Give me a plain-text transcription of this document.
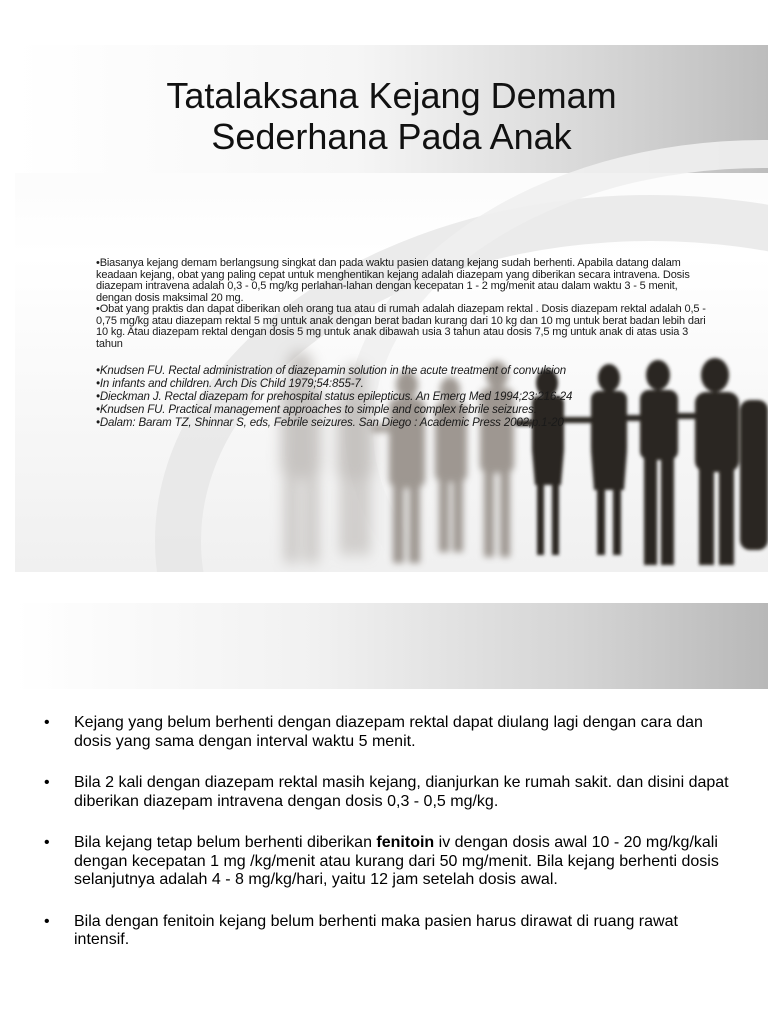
Tatalaksana Kejang Demam
Sederhana Pada Anak

•Biasanya kejang demam berlangsung singkat dan pada waktu pasien datang kejang sudah berhenti. Apabila datang dalam keadaan kejang, obat yang paling cepat untuk menghentikan kejang adalah diazepam yang diberikan secara intravena. Dosis diazepam intravena adalah 0,3 - 0,5 mg/kg perlahan-lahan dengan kecepatan 1 - 2 mg/menit atau dalam waktu 3 - 5 menit, dengan dosis maksimal 20 mg.

•Obat yang praktis dan dapat diberikan oleh orang tua atau di rumah adalah diazepam rektal . Dosis diazepam rektal adalah 0,5 - 0,75 mg/kg atau diazepam rektal 5 mg untuk anak dengan berat badan kurang dari 10 kg dan 10 mg untuk berat badan lebih dari 10 kg. Atau diazepam rektal dengan dosis 5 mg untuk anak dibawah usia 3 tahun atau dosis 7,5 mg untuk anak di atas usia 3 tahun

•Knudsen FU. Rectal administration of diazepamin solution in the acute treatment of convulsion
•In infants and children. Arch Dis Child 1979;54:855-7.
•Dieckman J. Rectal diazepam for prehospital status epilepticus. An Emerg Med 1994;23:216-24
•Knudsen FU. Practical management approaches to simple and complex febrile seizures.
•Dalam: Baram TZ, Shinnar S, eds, Febrile seizures. San Diego : Academic Press 2002;p.1-20
• Kejang yang belum berhenti dengan diazepam rektal dapat diulang lagi dengan cara dan dosis yang sama dengan interval waktu 5 menit.
• Bila 2 kali dengan diazepam rektal masih kejang, dianjurkan ke rumah sakit. dan disini dapat diberikan diazepam intravena dengan dosis 0,3 - 0,5 mg/kg.
• Bila kejang tetap belum berhenti diberikan fenitoin iv dengan dosis awal 10 - 20 mg/kg/kali dengan kecepatan 1 mg /kg/menit atau kurang dari 50 mg/menit. Bila kejang berhenti dosis selanjutnya adalah 4 - 8 mg/kg/hari, yaitu 12 jam setelah dosis awal.
• Bila dengan fenitoin kejang belum berhenti maka pasien harus dirawat di ruang rawat intensif.
